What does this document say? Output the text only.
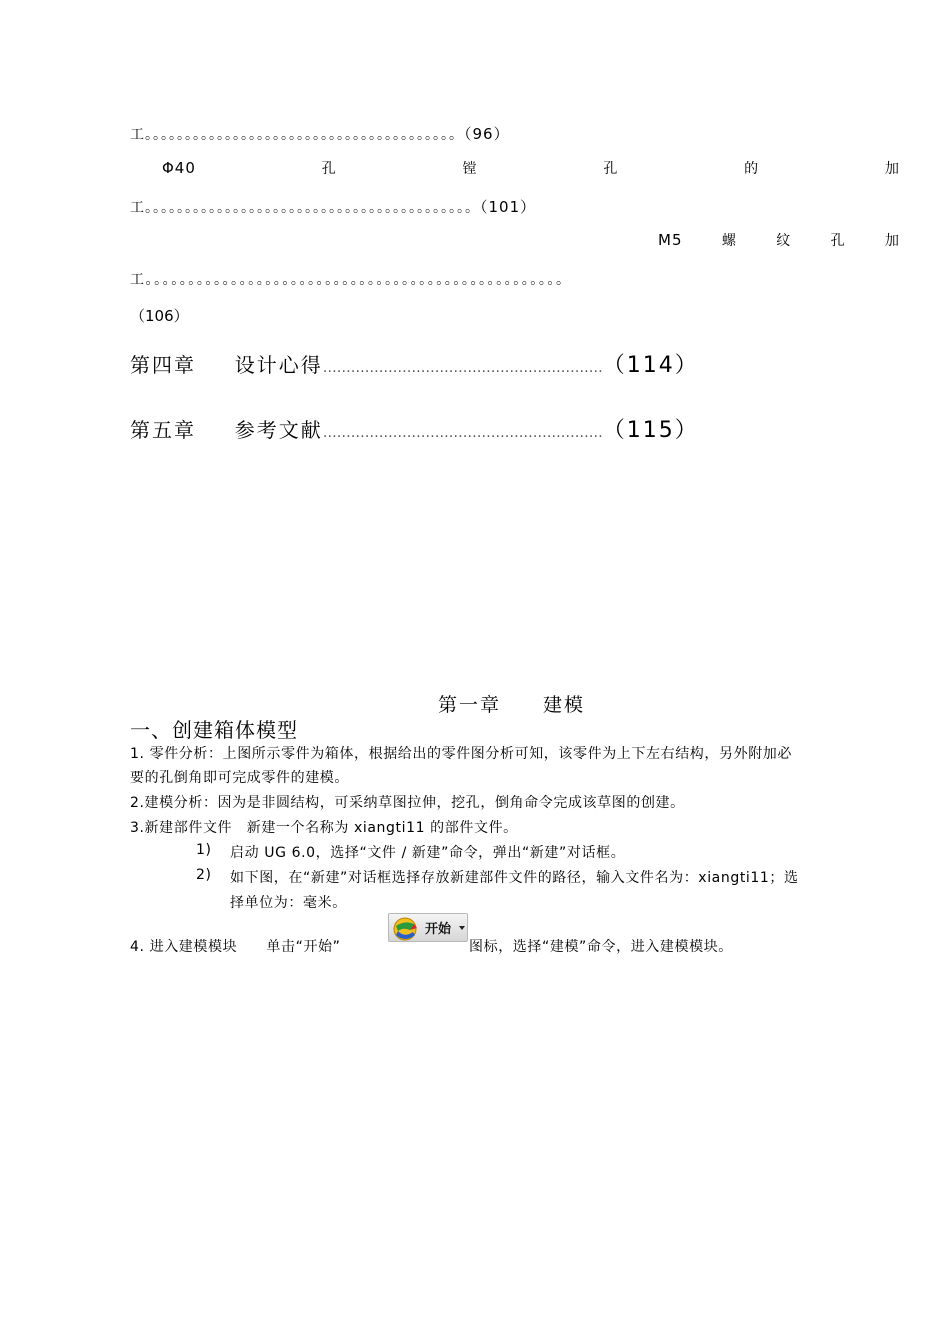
工。。。。。。。。。。。。。。。。。。。。。。。。。。。。。。。。。。。。。。。（96）
Φ40	孔	镗	孔	的	加
工。。。。。。。。。。。。。。。。。。。。。。。。。。。。。。。。。。。。。。。。。（101）
M5	螺	纹	孔	加
工。。。。。。。。。。。。。。。。。。。。。。。。。。。。。。。。。。。。。。。。。。。。。。。。。
（106）
第四章 设计心得……………………………………………………（114）
第五章 参考文献……………………………………………………（115）
第一章　　建模
一、创建箱体模型
1. 零件分析：上图所示零件为箱体，根据给出的零件图分析可知，该零件为上下左右结构，另外附加必
要的孔倒角即可完成零件的建模。
2.建模分析：因为是非圆结构，可采纳草图拉伸，挖孔，倒角命令完成该草图的创建。
3.新建部件文件　新建一个名称为 xiangti11 的部件文件。
1) 启动 UG 6.0，选择“文件 / 新建”命令，弹出“新建”对话框。
2) 如下图，在“新建”对话框选择存放新建部件文件的路径，输入文件名为：xiangti11；选
择单位为：毫米。
4. 进入建模模块　　单击“开始”
开始
图标，选择“建模”命令，进入建模模块。
